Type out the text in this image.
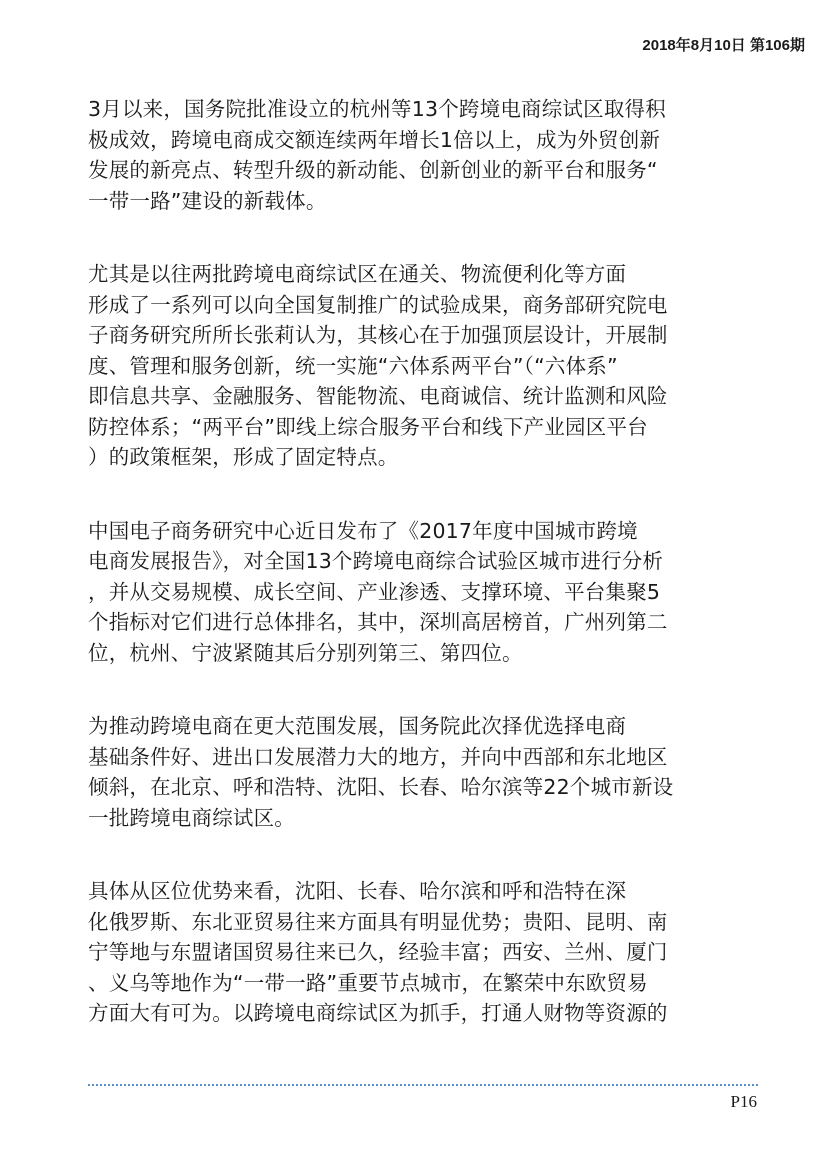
2018年8月10日 第106期

3月以来，国务院批准设立的杭州等13个跨境电商综试区取得积
极成效，跨境电商成交额连续两年增长1倍以上，成为外贸创新
发展的新亮点、转型升级的新动能、创新创业的新平台和服务“
一带一路”建设的新载体。

尤其是以往两批跨境电商综试区在通关、物流便利化等方面
形成了一系列可以向全国复制推广的试验成果，商务部研究院电
子商务研究所所长张莉认为，其核心在于加强顶层设计，开展制
度、管理和服务创新，统一实施“六体系两平台”（“六体系”
即信息共享、金融服务、智能物流、电商诚信、统计监测和风险
防控体系；“两平台”即线上综合服务平台和线下产业园区平台
）的政策框架，形成了固定特点。

中国电子商务研究中心近日发布了《2017年度中国城市跨境
电商发展报告》，对全国13个跨境电商综合试验区城市进行分析
，并从交易规模、成长空间、产业渗透、支撑环境、平台集聚5
个指标对它们进行总体排名，其中，深圳高居榜首，广州列第二
位，杭州、宁波紧随其后分别列第三、第四位。

为推动跨境电商在更大范围发展，国务院此次择优选择电商
基础条件好、进出口发展潜力大的地方，并向中西部和东北地区
倾斜，在北京、呼和浩特、沈阳、长春、哈尔滨等22个城市新设
一批跨境电商综试区。

具体从区位优势来看，沈阳、长春、哈尔滨和呼和浩特在深
化俄罗斯、东北亚贸易往来方面具有明显优势；贵阳、昆明、南
宁等地与东盟诸国贸易往来已久，经验丰富；西安、兰州、厦门
、义乌等地作为“一带一路”重要节点城市，在繁荣中东欧贸易
方面大有可为。以跨境电商综试区为抓手，打通人财物等资源的

P16
